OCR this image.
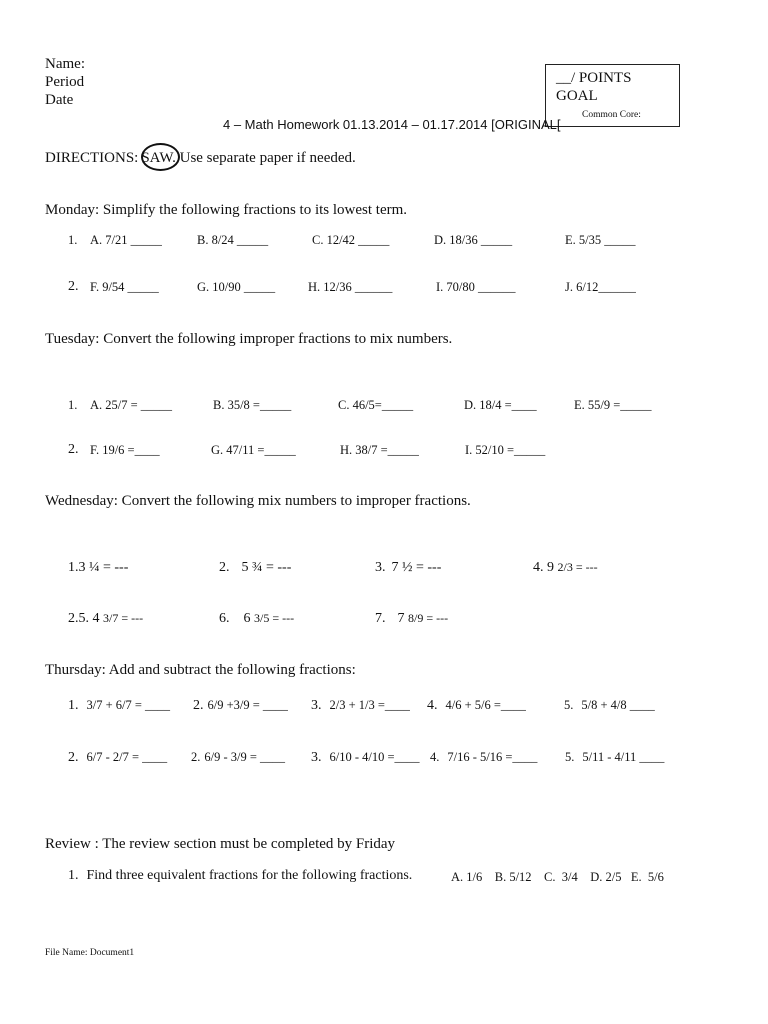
Name:
Period
Date
__/ POINTS
GOAL
Common Core:
4 – Math Homework 01.13.2014 – 01.17.2014 [ORIGINAL[
DIRECTIONS: SAW. Use separate paper if needed.
Monday: Simplify the following fractions to its lowest term.
1. A. 7/21 _____	B. 8/24 _____	C. 12/42 _____	D. 18/36 _____	E. 5/35 _____
2. F. 9/54 _____	G. 10/90 _____	H. 12/36 ______	I. 70/80 ______	J. 6/12______
Tuesday: Convert the following improper fractions to mix numbers.
1. A. 25/7 = _____	B. 35/8 =_____	C. 46/5=_____	D. 18/4 =____	E. 55/9 =_____
2. F. 19/6 =____	G. 47/11 =_____	H. 38/7 =_____	I. 52/10 =_____
Wednesday: Convert the following mix numbers to improper fractions.
1.3 ¼ = ---	2. 5 ¾ = ---	3. 7 ½ = ---	4. 9 2/3 = ---
2.5. 4 3/7 = ---	6. 6 3/5 = ---	7. 7 8/9 = ---
Thursday: Add and subtract the following fractions:
1. 3/7 + 6/7 = ____ 2. 6/9 +3/9 = ____ 3. 2/3 + 1/3 =____ 4. 4/6 + 5/6 =____	5. 5/8 + 4/8 ____
2. 6/7 - 2/7 = ____ 2. 6/9 - 3/9 = ____ 3. 6/10 - 4/10 =____ 4. 7/16 - 5/16 =____ 5. 5/11 - 4/11 ____
Review : The review section must be completed by Friday
1. Find three equivalent fractions for the following fractions.	A. 1/6    B. 5/12    C.  3/4    D. 2/5   E.  5/6
File Name: Document1
